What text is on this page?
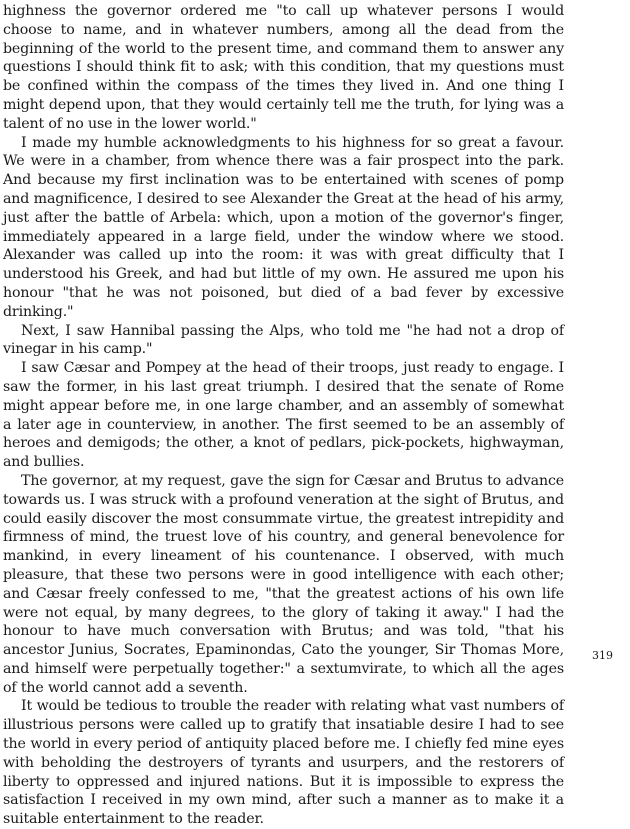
highness the governor ordered me "to call up whatever persons I would choose to name, and in whatever numbers, among all the dead from the beginning of the world to the present time, and command them to answer any questions I should think fit to ask; with this condition, that my questions must be confined within the compass of the times they lived in. And one thing I might depend upon, that they would certainly tell me the truth, for lying was a talent of no use in the lower world."

I made my humble acknowledgments to his highness for so great a favour. We were in a chamber, from whence there was a fair prospect into the park. And because my first inclination was to be entertained with scenes of pomp and magnificence, I desired to see Alexander the Great at the head of his army, just after the battle of Arbela: which, upon a motion of the governor's finger, immediately appeared in a large field, under the window where we stood. Alexander was called up into the room: it was with great difficulty that I understood his Greek, and had but little of my own. He assured me upon his honour "that he was not poisoned, but died of a bad fever by excessive drinking."

Next, I saw Hannibal passing the Alps, who told me "he had not a drop of vinegar in his camp."

I saw Cæsar and Pompey at the head of their troops, just ready to engage. I saw the former, in his last great triumph. I desired that the senate of Rome might appear before me, in one large chamber, and an assembly of somewhat a later age in counterview, in another. The first seemed to be an assembly of heroes and demigods; the other, a knot of pedlars, pick-pockets, highwayman, and bullies.

The governor, at my request, gave the sign for Cæsar and Brutus to advance towards us. I was struck with a profound veneration at the sight of Brutus, and could easily discover the most consummate virtue, the greatest intrepidity and firmness of mind, the truest love of his country, and general benevolence for mankind, in every lineament of his countenance. I observed, with much pleasure, that these two persons were in good intelligence with each other; and Cæsar freely confessed to me, "that the greatest actions of his own life were not equal, by many degrees, to the glory of taking it away." I had the honour to have much conversation with Brutus; and was told, "that his ancestor Junius, Socrates, Epaminondas, Cato the younger, Sir Thomas More, and himself were perpetually together:" a sextumvirate, to which all the ages of the world cannot add a seventh.

It would be tedious to trouble the reader with relating what vast numbers of illustrious persons were called up to gratify that insatiable desire I had to see the world in every period of antiquity placed before me. I chiefly fed mine eyes with beholding the destroyers of tyrants and usurpers, and the restorers of liberty to oppressed and injured nations. But it is impossible to express the satisfaction I received in my own mind, after such a manner as to make it a suitable entertainment to the reader.

319
